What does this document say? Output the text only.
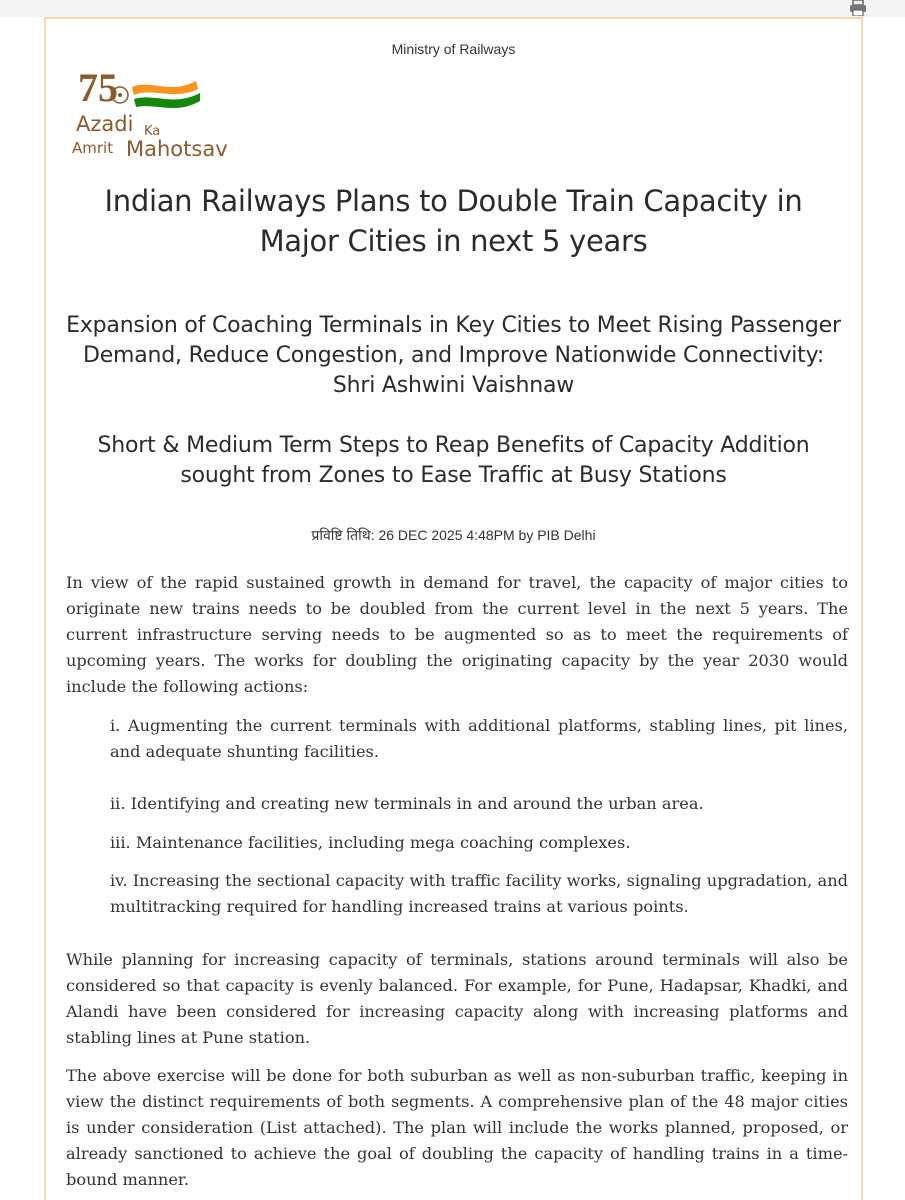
Ministry of Railways
75
Azadi Ka
Amrit Mahotsav
Indian Railways Plans to Double Train Capacity in Major Cities in next 5 years
Expansion of Coaching Terminals in Key Cities to Meet Rising Passenger Demand, Reduce Congestion, and Improve Nationwide Connectivity: Shri Ashwini Vaishnaw
Short & Medium Term Steps to Reap Benefits of Capacity Addition sought from Zones to Ease Traffic at Busy Stations
प्रविष्टि तिथि: 26 DEC 2025 4:48PM by PIB Delhi

In view of the rapid sustained growth in demand for travel, the capacity of major cities to originate new trains needs to be doubled from the current level in the next 5 years. The current infrastructure serving needs to be augmented so as to meet the requirements of upcoming years. The works for doubling the originating capacity by the year 2030 would include the following actions:

i. Augmenting the current terminals with additional platforms, stabling lines, pit lines, and adequate shunting facilities.

ii. Identifying and creating new terminals in and around the urban area.

iii. Maintenance facilities, including mega coaching complexes.

iv. Increasing the sectional capacity with traffic facility works, signaling upgradation, and multitracking required for handling increased trains at various points.

While planning for increasing capacity of terminals, stations around terminals will also be considered so that capacity is evenly balanced. For example, for Pune, Hadapsar, Khadki, and Alandi have been considered for increasing capacity along with increasing platforms and stabling lines at Pune station.

The above exercise will be done for both suburban as well as non-suburban traffic, keeping in view the distinct requirements of both segments. A comprehensive plan of the 48 major cities is under consideration (List attached). The plan will include the works planned, proposed, or already sanctioned to achieve the goal of doubling the capacity of handling trains in a time-bound manner.
